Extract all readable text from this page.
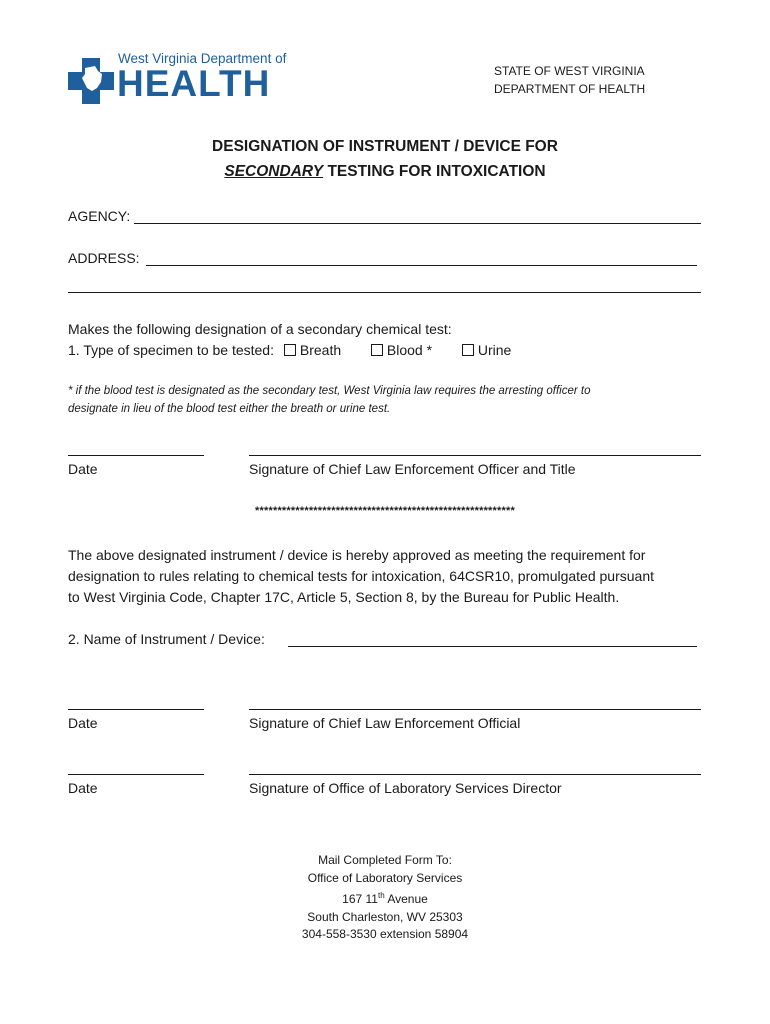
West Virginia Department of
HEALTH	STATE OF WEST VIRGINIA
DEPARTMENT OF HEALTH
DESIGNATION OF INSTRUMENT / DEVICE FOR
SECONDARY TESTING FOR INTOXICATION
AGENCY:
ADDRESS:
Makes the following designation of a secondary chemical test:
1. Type of specimen to be tested: Breath	Blood *	Urine
* if the blood test is designated as the secondary test, West Virginia law requires the arresting officer to
designate in lieu of the blood test either the breath or urine test.
Date	Signature of Chief Law Enforcement Officer and Title
**********************************************************
The above designated instrument / device is hereby approved as meeting the requirement for
designation to rules relating to chemical tests for intoxication, 64CSR10, promulgated pursuant
to West Virginia Code, Chapter 17C, Article 5, Section 8, by the Bureau for Public Health.
2. Name of Instrument / Device:
Date	Signature of Chief Law Enforcement Official
Date	Signature of Office of Laboratory Services Director
Mail Completed Form To:
Office of Laboratory Services
167 11th Avenue
South Charleston, WV 25303
304-558-3530 extension 58904
